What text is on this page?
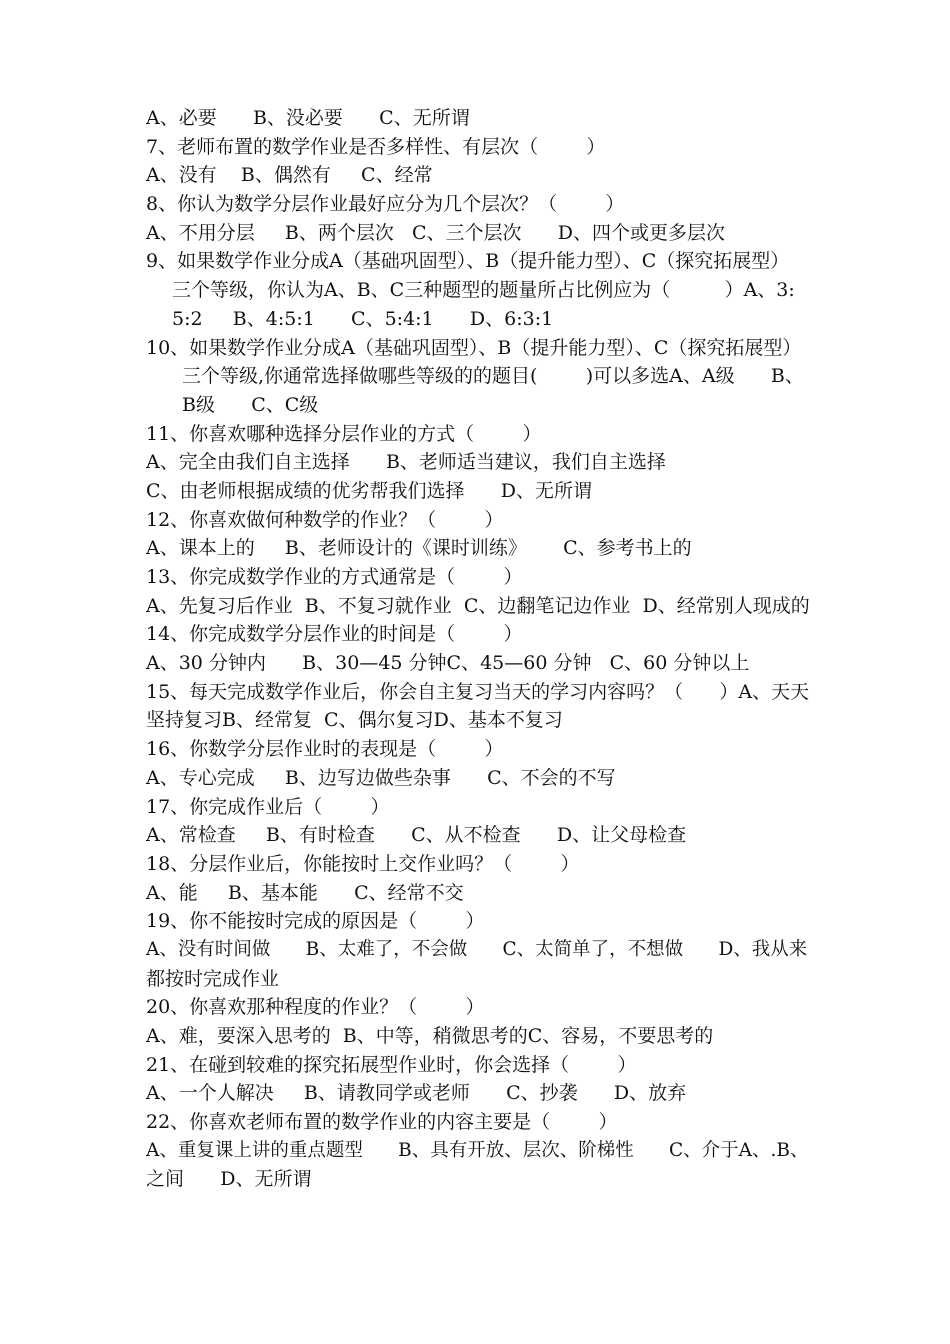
A、必要      B、没必要      C、无所谓
7、老师布置的数学作业是否多样性、有层次（        ）
A、没有    B、偶然有     C、经常
8、你认为数学分层作业最好应分为几个层次？（        ）
A、不用分层     B、两个层次   C、三个层次      D、四个或更多层次
9、如果数学作业分成A（基础巩固型）、B（提升能力型）、C（探究拓展型）
三个等级，你认为A、B、C三种题型的题量所占比例应为（         ）A、3:
5:2     B、4:5:1      C、5:4:1      D、6:3:1
10、如果数学作业分成A（基础巩固型）、B（提升能力型）、C（探究拓展型）
三个等级,你通常选择做哪些等级的的题目(        )可以多选A、A级      B、
B级      C、C级
11、你喜欢哪种选择分层作业的方式（        ）
A、完全由我们自主选择      B、老师适当建议，我们自主选择
C、由老师根据成绩的优劣帮我们选择      D、无所谓
12、你喜欢做何种数学的作业？（        ）
A、课本上的     B、老师设计的《课时训练》      C、参考书上的
13、你完成数学作业的方式通常是（        ）
A、先复习后作业  B、不复习就作业  C、边翻笔记边作业  D、经常别人现成的
14、你完成数学分层作业的时间是（        ）
A、30 分钟内      B、30—45 分钟C、45—60 分钟   C、60 分钟以上
15、每天完成数学作业后，你会自主复习当天的学习内容吗？（      ）A、天天
坚持复习B、经常复  C、偶尔复习D、基本不复习
16、你数学分层作业时的表现是（        ）
A、专心完成     B、边写边做些杂事      C、不会的不写
17、你完成作业后（        ）
A、常检查     B、有时检查      C、从不检查      D、让父母检查
18、分层作业后，你能按时上交作业吗？（        ）
A、能     B、基本能      C、经常不交
19、你不能按时完成的原因是（        ）
A、没有时间做      B、太难了，不会做      C、太简单了，不想做      D、我从来
都按时完成作业
20、你喜欢那种程度的作业？（        ）
A、难，要深入思考的  B、中等，稍微思考的C、容易，不要思考的
21、在碰到较难的探究拓展型作业时，你会选择（        ）
A、一个人解决     B、请教同学或老师      C、抄袭      D、放弃
22、你喜欢老师布置的数学作业的内容主要是（        ）
A、重复课上讲的重点题型      B、具有开放、层次、阶梯性      C、介于A、.B、
之间      D、无所谓
